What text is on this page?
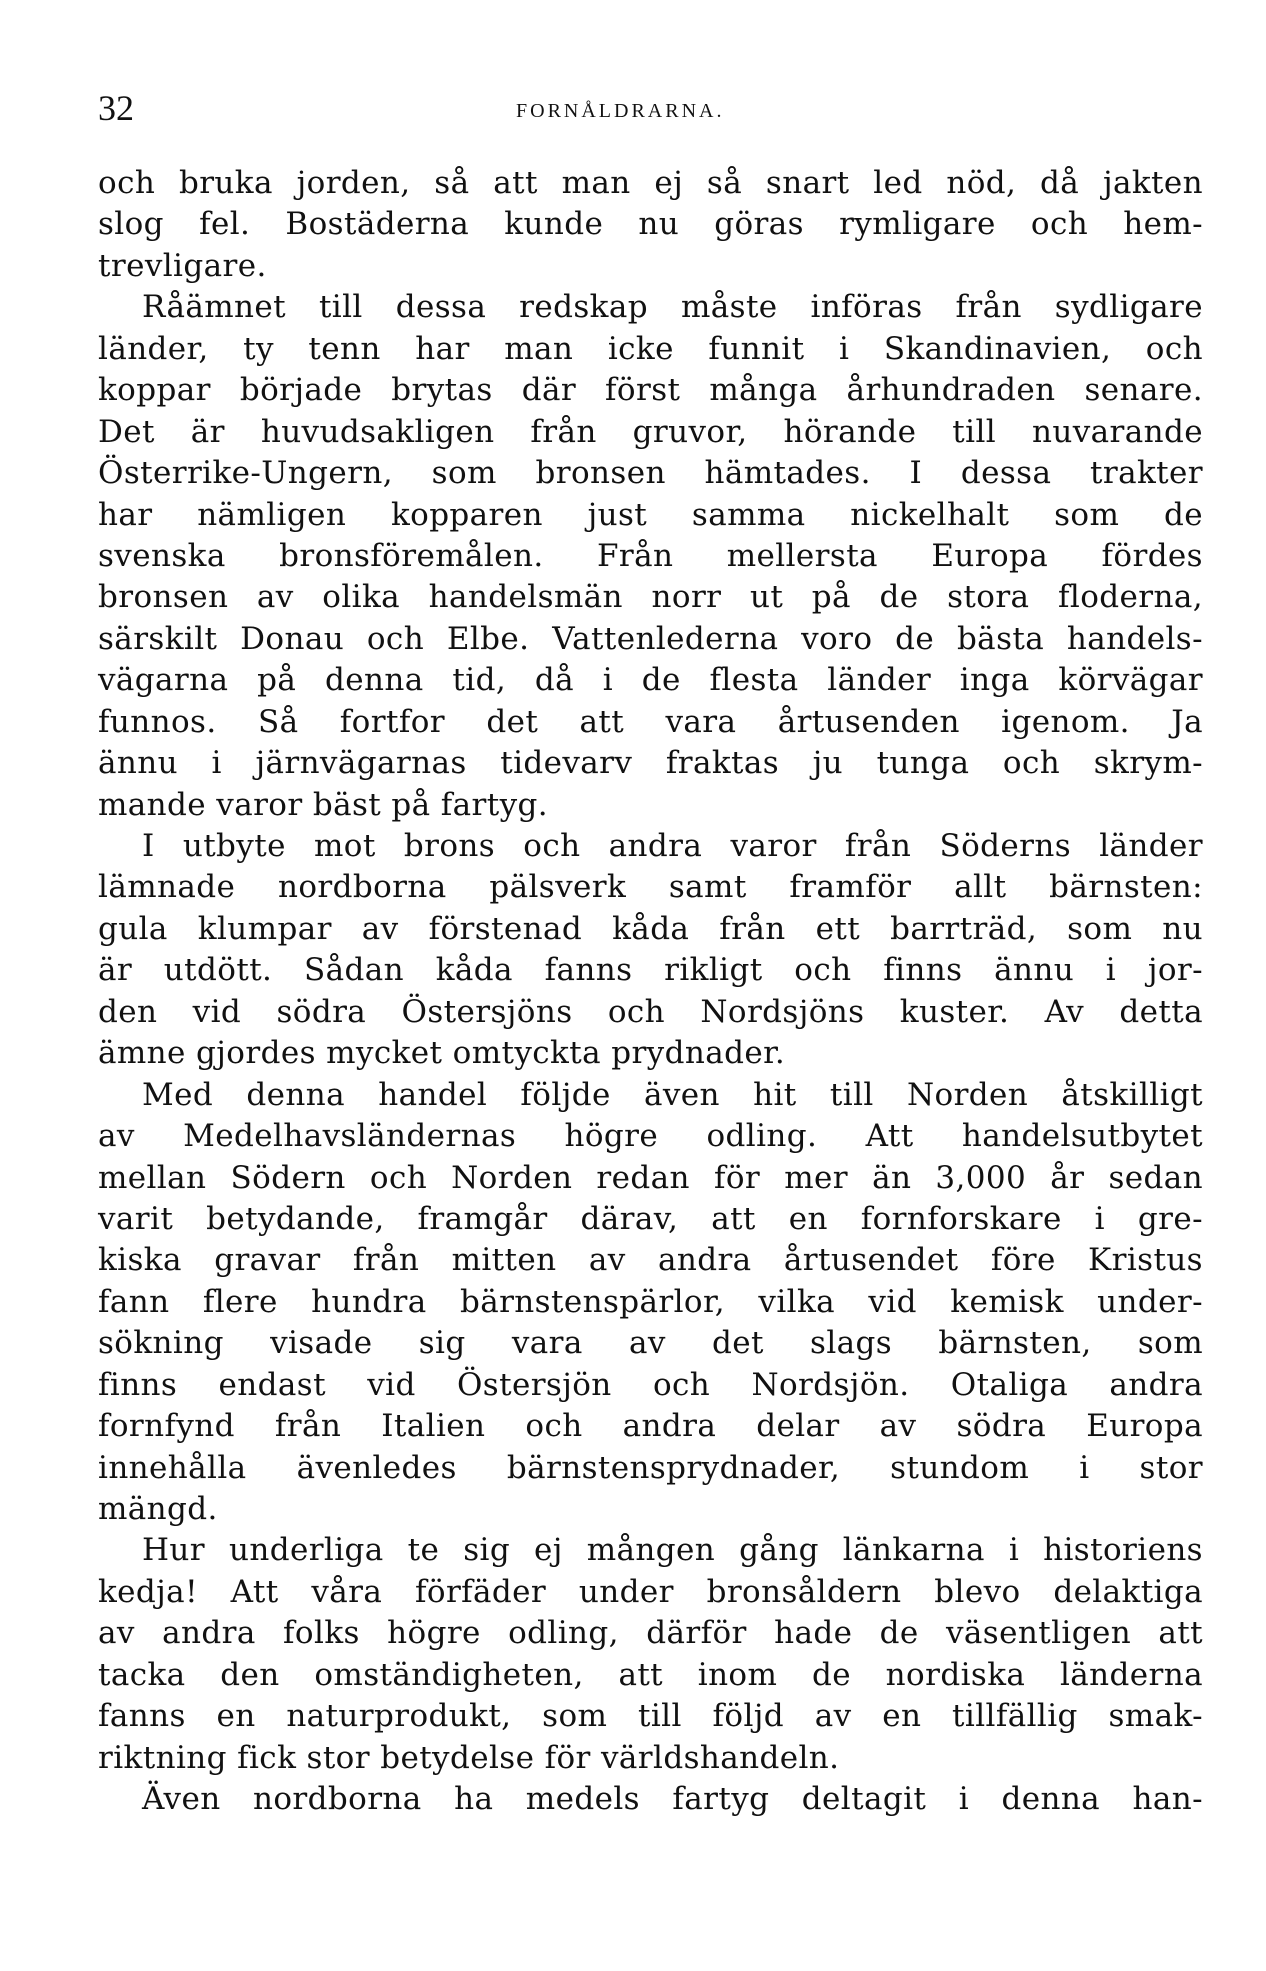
32	FORNÅLDRARNA.
och bruka jorden, så att man ej så snart led nöd, då jakten
slog fel. Bostäderna kunde nu göras rymligare och hem-
trevligare.
Råämnet till dessa redskap måste införas från sydligare
länder, ty tenn har man icke funnit i Skandinavien, och
koppar började brytas där först många århundraden senare.
Det är huvudsakligen från gruvor, hörande till nuvarande
Österrike-Ungern, som bronsen hämtades. I dessa trakter
har nämligen kopparen just samma nickelhalt som de
svenska bronsföremålen. Från mellersta Europa fördes
bronsen av olika handelsmän norr ut på de stora floderna,
särskilt Donau och Elbe. Vattenlederna voro de bästa handels-
vägarna på denna tid, då i de flesta länder inga körvägar
funnos. Så fortfor det att vara årtusenden igenom. Ja
ännu i järnvägarnas tidevarv fraktas ju tunga och skrym-
mande varor bäst på fartyg.
I utbyte mot brons och andra varor från Söderns länder
lämnade nordborna pälsverk samt framför allt bärnsten:
gula klumpar av förstenad kåda från ett barrträd, som nu
är utdött. Sådan kåda fanns rikligt och finns ännu i jor-
den vid södra Östersjöns och Nordsjöns kuster. Av detta
ämne gjordes mycket omtyckta prydnader.
Med denna handel följde även hit till Norden åtskilligt
av Medelhavsländernas högre odling. Att handelsutbytet
mellan Södern och Norden redan för mer än 3,000 år sedan
varit betydande, framgår därav, att en fornforskare i gre-
kiska gravar från mitten av andra årtusendet före Kristus
fann flere hundra bärnstenspärlor, vilka vid kemisk under-
sökning visade sig vara av det slags bärnsten, som
finns endast vid Östersjön och Nordsjön. Otaliga andra
fornfynd från Italien och andra delar av södra Europa
innehålla ävenledes bärnstensprydnader, stundom i stor
mängd.
Hur underliga te sig ej mången gång länkarna i historiens
kedja! Att våra förfäder under bronsåldern blevo delaktiga
av andra folks högre odling, därför hade de väsentligen att
tacka den omständigheten, att inom de nordiska länderna
fanns en naturprodukt, som till följd av en tillfällig smak-
riktning fick stor betydelse för världshandeln.
Även nordborna ha medels fartyg deltagit i denna han-
